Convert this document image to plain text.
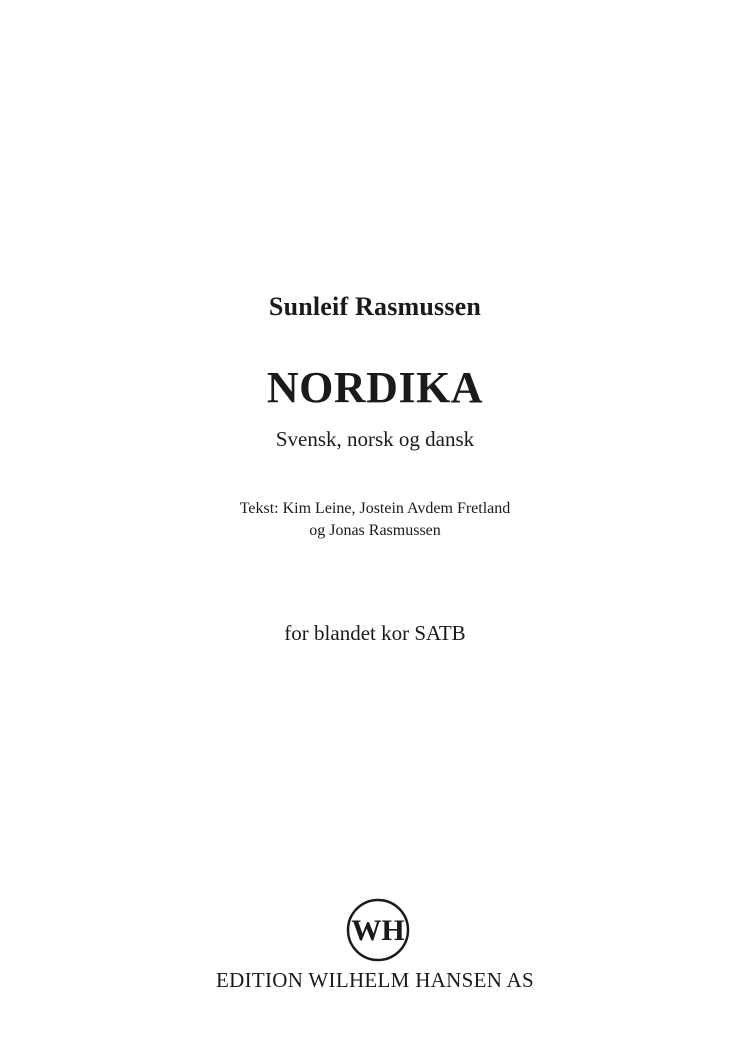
Sunleif Rasmussen
NORDIKA
Svensk, norsk og dansk
Tekst: Kim Leine, Jostein Avdem Fretland
og Jonas Rasmussen
for blandet kor SATB
WH
EDITION WILHELM HANSEN AS
